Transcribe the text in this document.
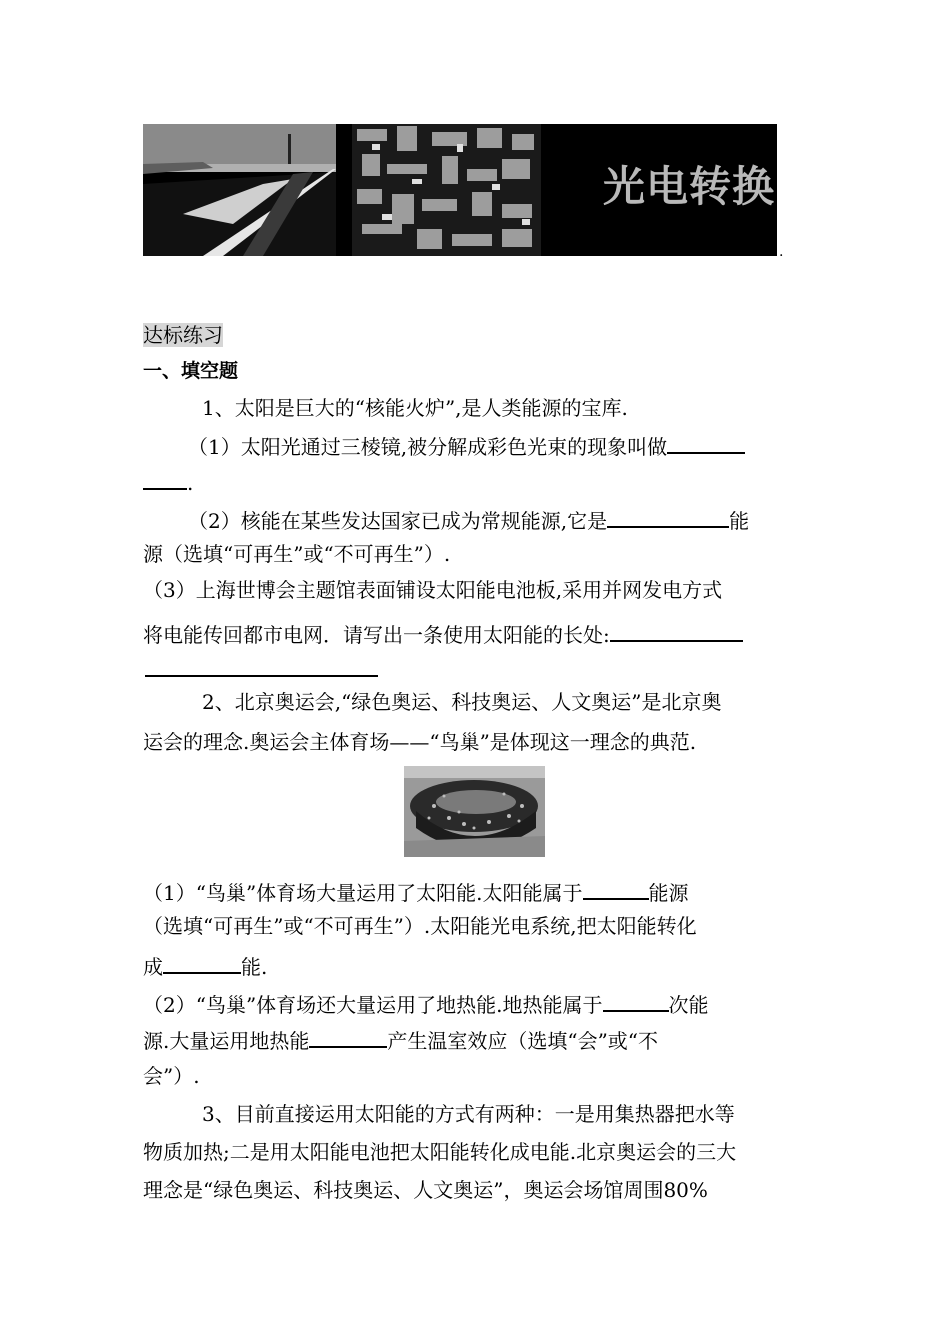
光电转换
.
达标练习
一、填空题
1、太阳是巨大的“核能火炉”,是人类能源的宝库.
（1）太阳光通过三棱镜,被分解成彩色光束的现象叫做
.
（2）核能在某些发达国家已成为常规能源,它是	能
源（选填“可再生”或“不可再生”）.
（3）上海世博会主题馆表面铺设太阳能电池板,采用并网发电方式
将电能传回都市电网．请写出一条使用太阳能的长处:
2、北京奥运会,“绿色奥运、科技奥运、人文奥运”是北京奥
运会的理念.奥运会主体育场——“鸟巢”是体现这一理念的典范.
（1）“鸟巢”体育场大量运用了太阳能.太阳能属于	能源
（选填“可再生”或“不可再生”）.太阳能光电系统,把太阳能转化
成	能.
（2）“鸟巢”体育场还大量运用了地热能.地热能属于	次能
源.大量运用地热能	产生温室效应（选填“会”或“不
会”）.
3、目前直接运用太阳能的方式有两种：一是用集热器把水等
物质加热;二是用太阳能电池把太阳能转化成电能.北京奥运会的三大
理念是“绿色奥运、科技奥运、人文奥运”，奥运会场馆周围80%
